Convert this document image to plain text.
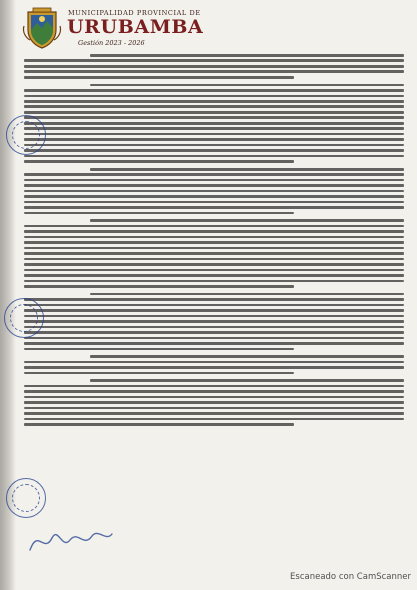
MUNICIPALIDAD PROVINCIAL DE

URUBAMBA

Gestión 2023 - 2026

Escaneado con CamScanner
